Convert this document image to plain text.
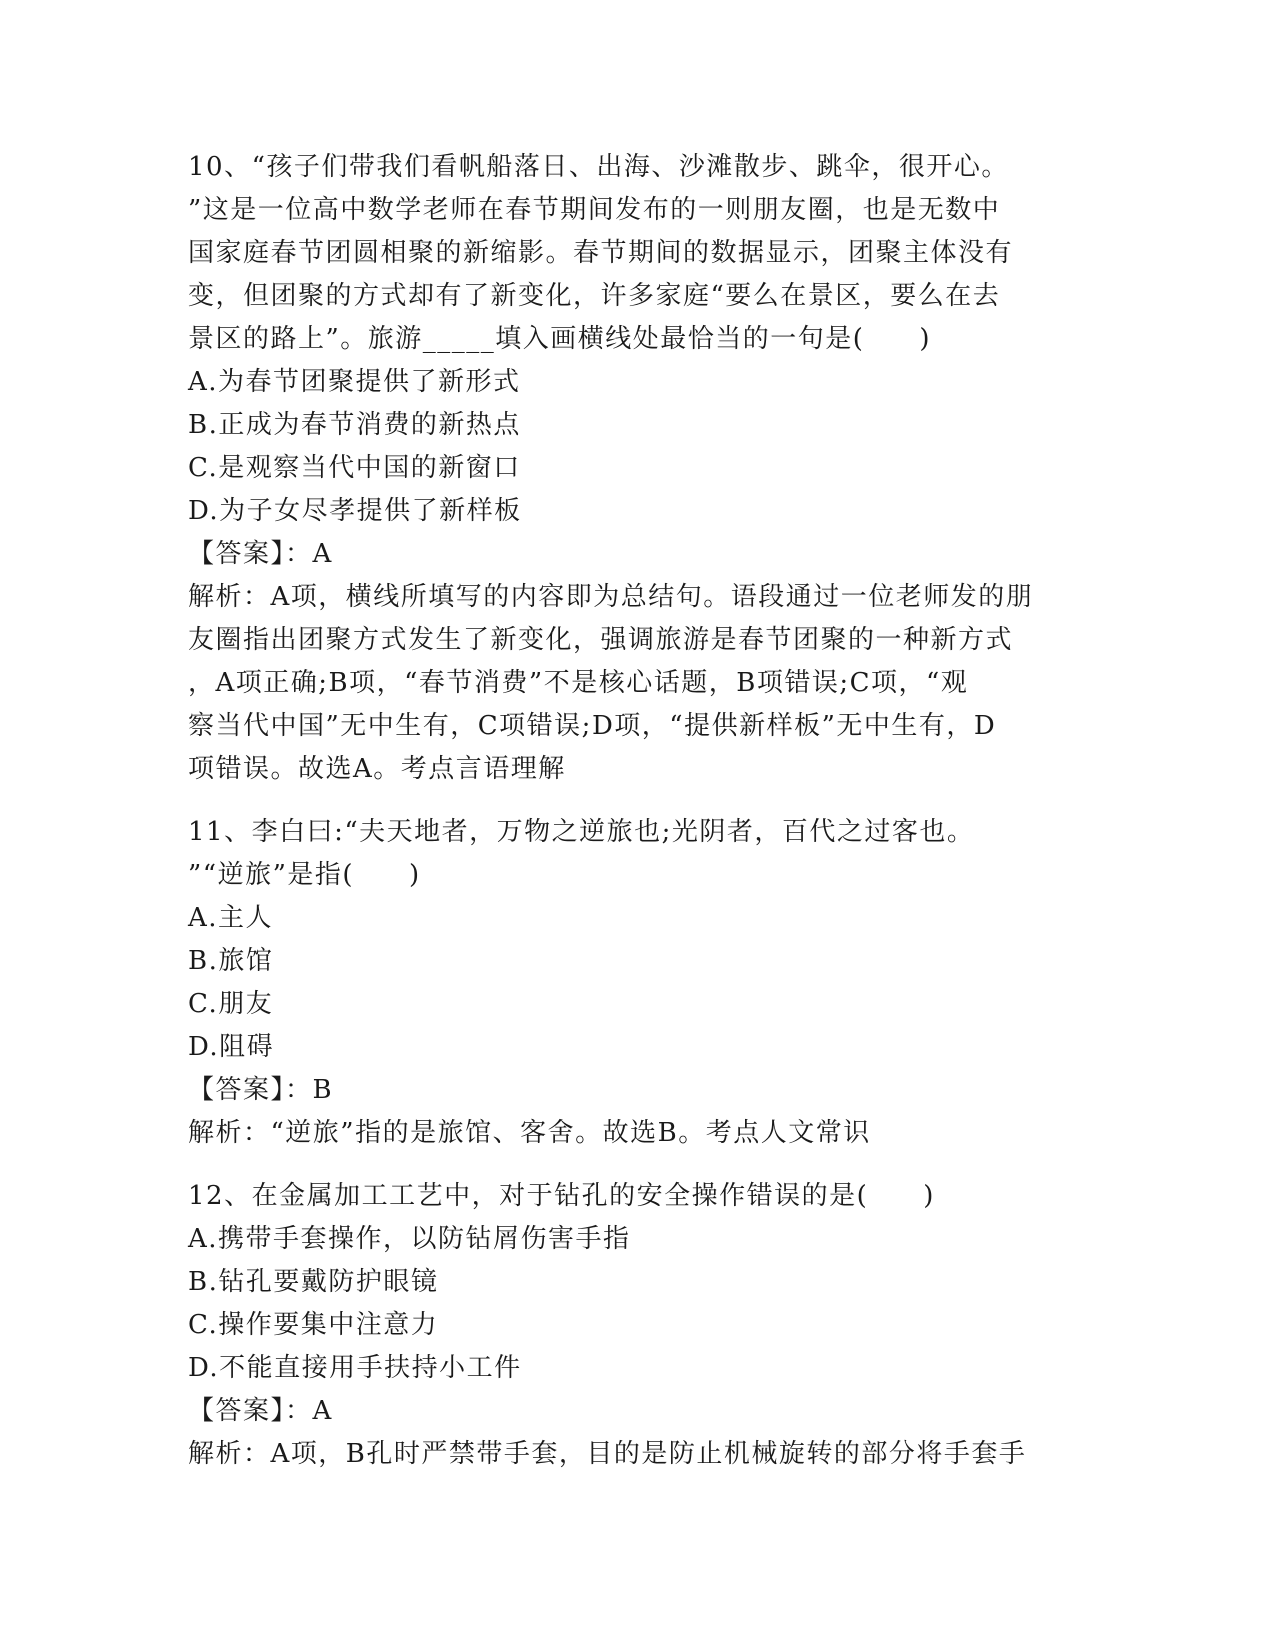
10、“孩子们带我们看帆船落日、出海、沙滩散步、跳伞，很开心。
”这是一位高中数学老师在春节期间发布的一则朋友圈，也是无数中
国家庭春节团圆相聚的新缩影。春节期间的数据显示，团聚主体没有
变，但团聚的方式却有了新变化，许多家庭“要么在景区，要么在去
景区的路上”。旅游_____填入画横线处最恰当的一句是(　　)
A.为春节团聚提供了新形式
B.正成为春节消费的新热点
C.是观察当代中国的新窗口
D.为子女尽孝提供了新样板
【答案】：A
解析：A项，横线所填写的内容即为总结句。语段通过一位老师发的朋
友圈指出团聚方式发生了新变化，强调旅游是春节团聚的一种新方式
，A项正确;B项，“春节消费”不是核心话题，B项错误;C项，“观
察当代中国”无中生有，C项错误;D项，“提供新样板”无中生有，D
项错误。故选A。考点言语理解
11、李白曰:“夫天地者，万物之逆旅也;光阴者，百代之过客也。
”“逆旅”是指(　　)
A.主人
B.旅馆
C.朋友
D.阻碍
【答案】：B
解析：“逆旅”指的是旅馆、客舍。故选B。考点人文常识
12、在金属加工工艺中，对于钻孔的安全操作错误的是(　　)
A.携带手套操作，以防钻屑伤害手指
B.钻孔要戴防护眼镜
C.操作要集中注意力
D.不能直接用手扶持小工件
【答案】：A
解析：A项，B孔时严禁带手套，目的是防止机械旋转的部分将手套手
